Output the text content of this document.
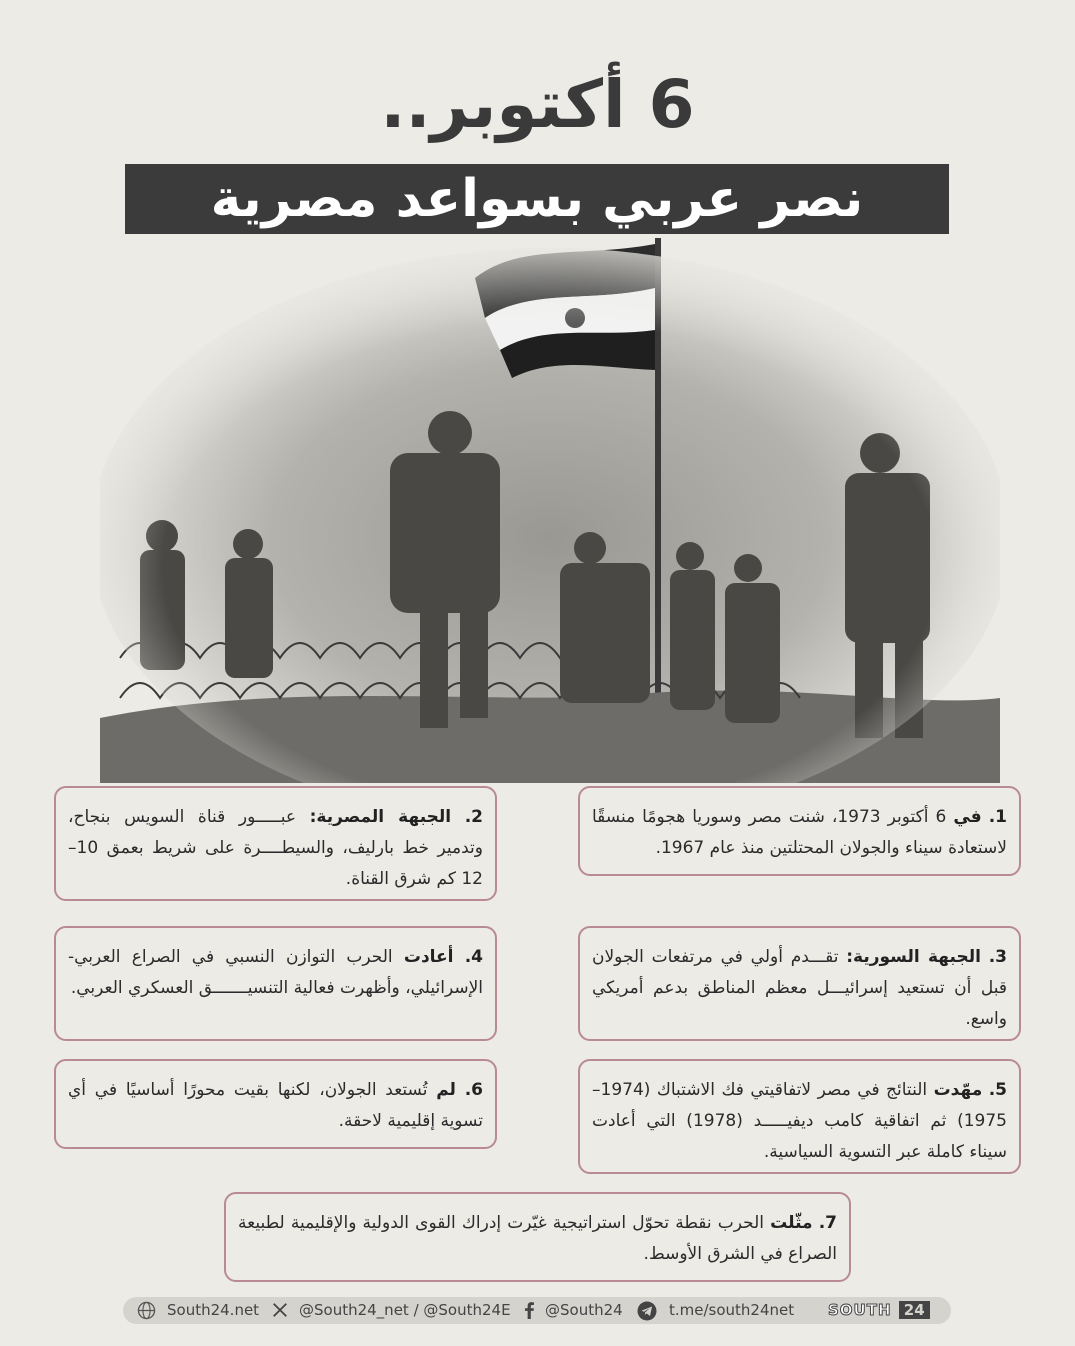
6 أكتوبر..
نصر عربي بسواعد مصرية
1. في 6 أكتوبر 1973، شنت مصر وسوريا هجومًا منسقًا لاستعادة سيناء والجولان المحتلتين منذ عام 1967.
2. الجبهة المصرية: عبـــــور قناة السويس بنجاح، وتدمير خط بارليف، والسيطــــرة على شريط بعمق 10–12 كم شرق القناة.
3. الجبهة السورية: تقـــدم أولي في مرتفعات الجولان قبل أن تستعيد إسرائيـــل معظم المناطق بدعم أمريكي واسع.
4. أعادت الحرب التوازن النسبي في الصراع العربي-الإسرائيلي، وأظهرت فعالية التنسيـــــــق العسكري العربي.
5. مهّدت النتائج في مصر لاتفاقيتي فك الاشتباك (1974–1975) ثم اتفاقية كامب ديفيـــــد (1978) التي أعادت سيناء كاملة عبر التسوية السياسية.
6. لم تُستعد الجولان، لكنها بقيت محورًا أساسيًا في أي تسوية إقليمية لاحقة.
7. مثّلت الحرب نقطة تحوّل استراتيجية غيّرت إدراك القوى الدولية والإقليمية لطبيعة الصراع في الشرق الأوسط.
South24.net	@South24_net / @South24E @South24	t.me/south24net SOUTH 24
